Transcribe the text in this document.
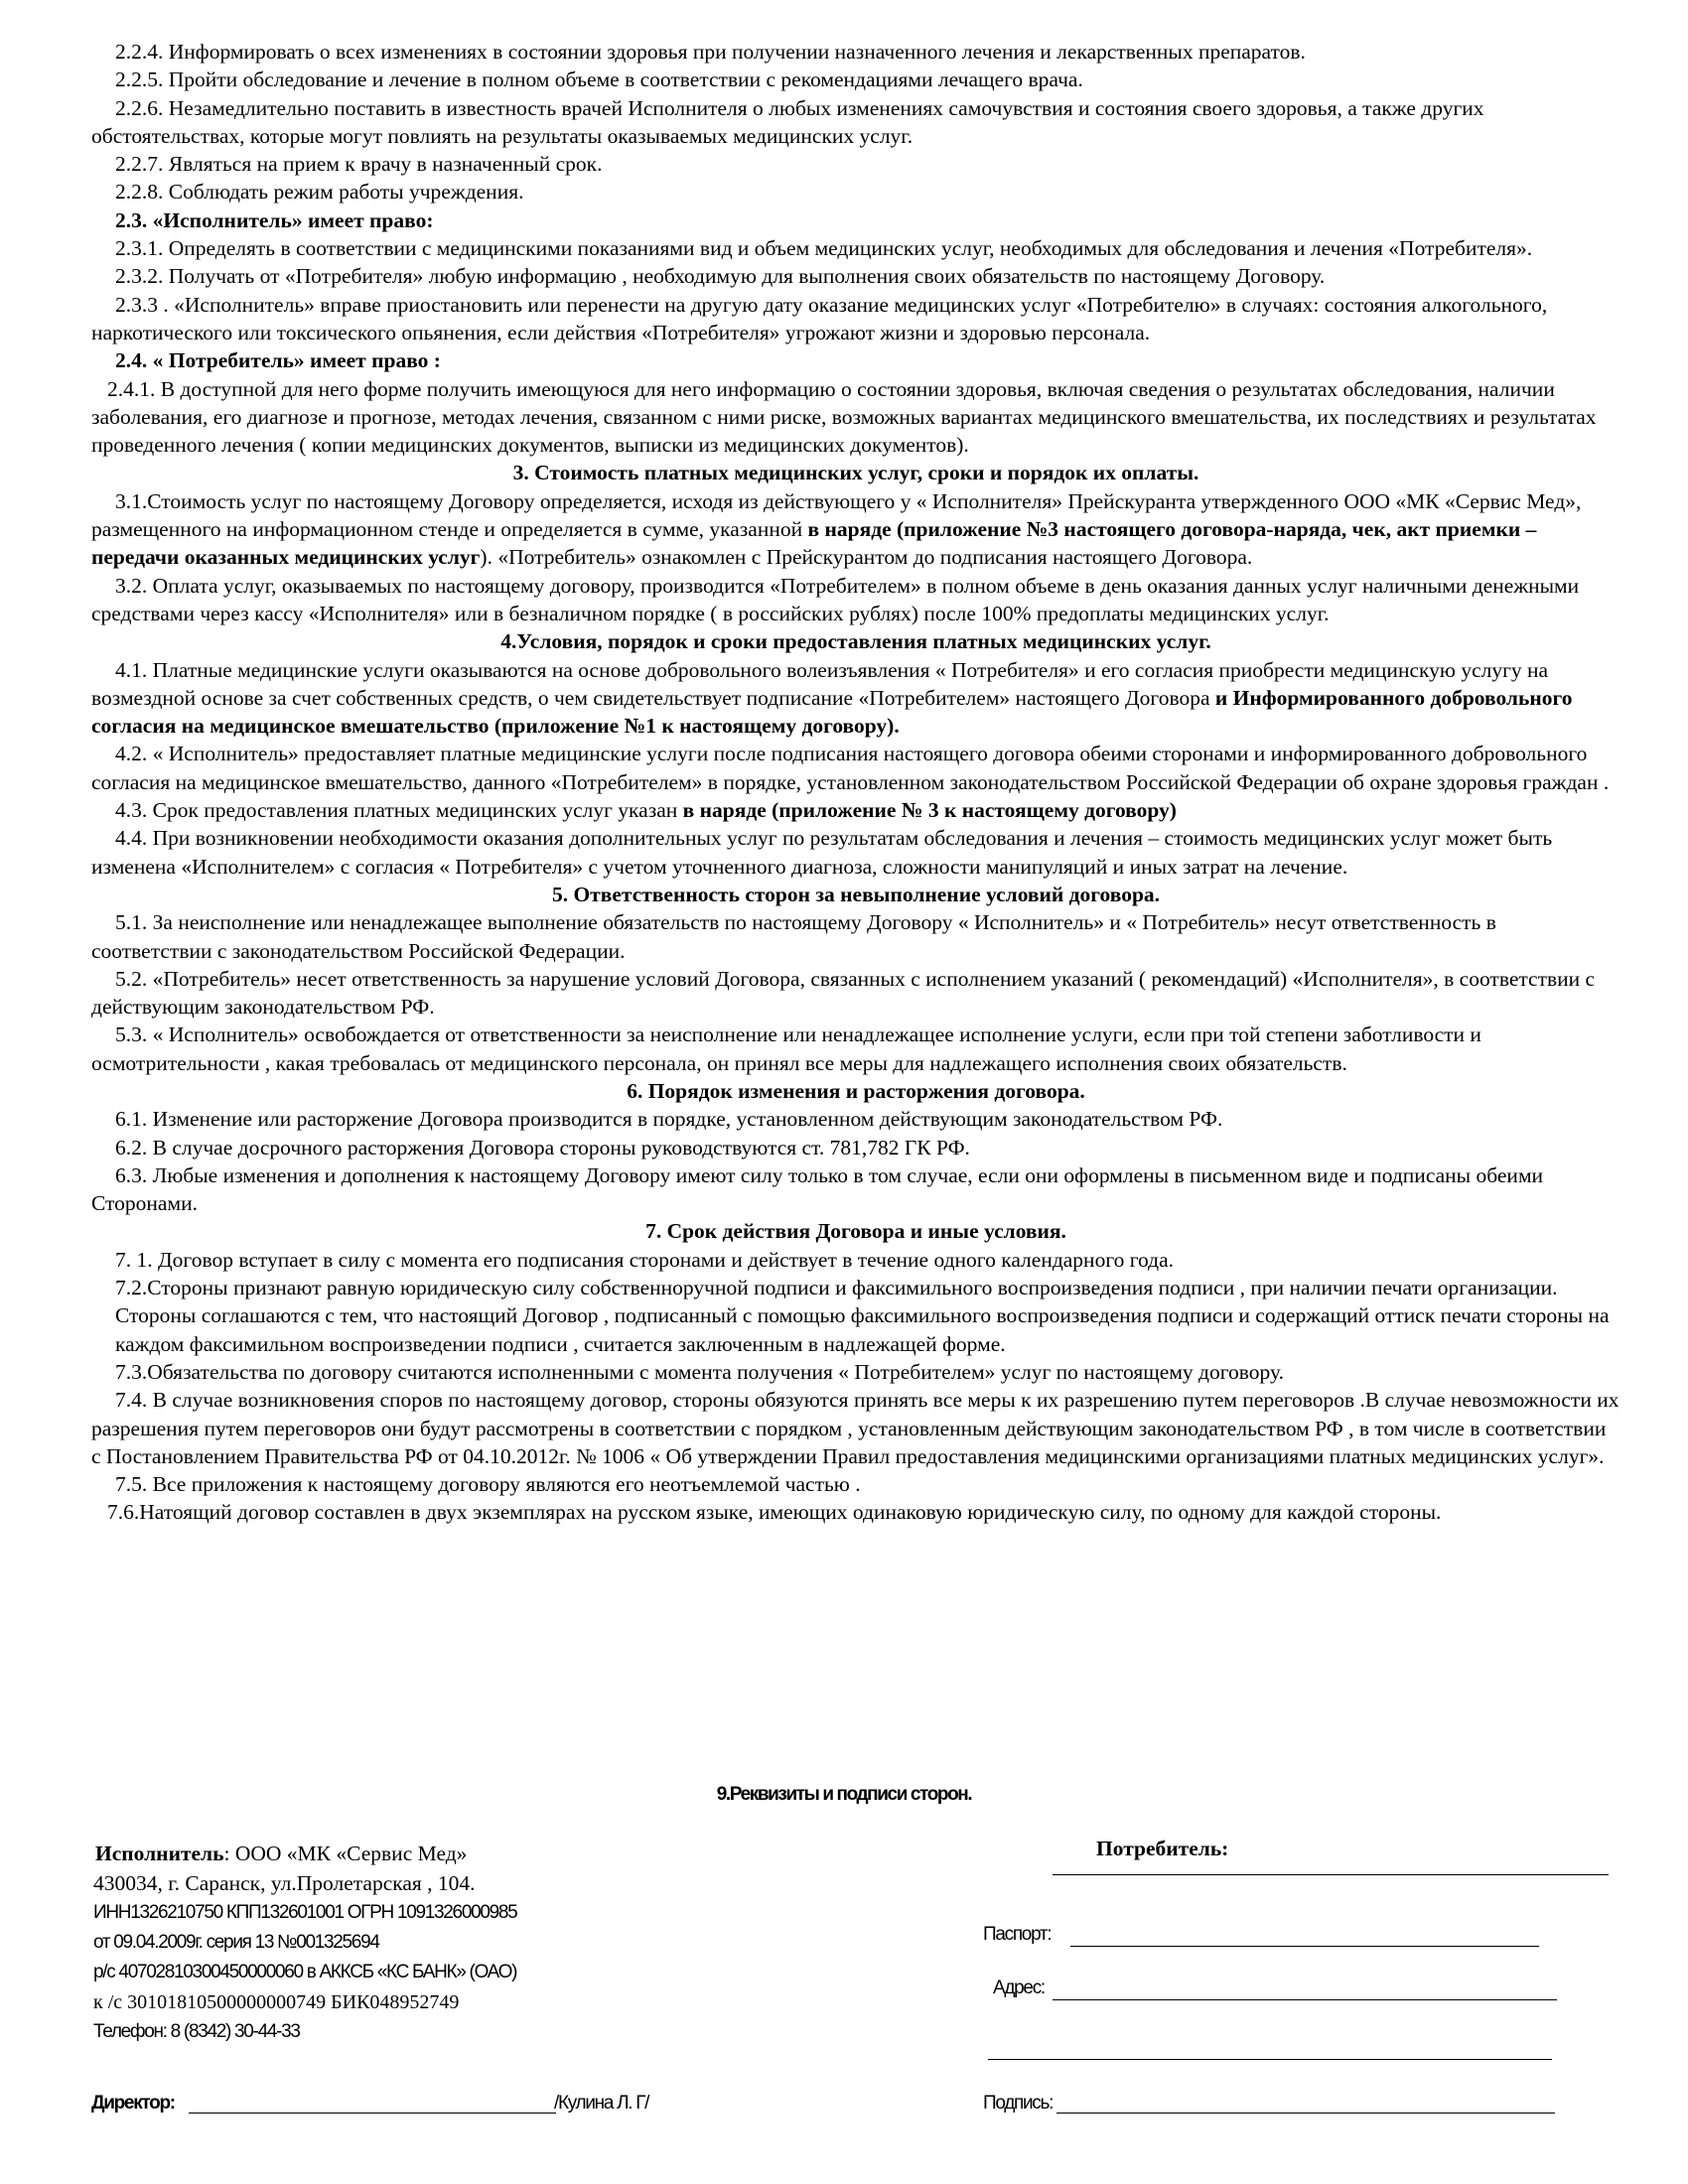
2.2.4. Информировать о всех изменениях в состоянии здоровья при получении назначенного лечения и лекарственных препаратов.

2.2.5. Пройти обследование и лечение в полном объеме в соответствии с рекомендациями лечащего врача.

2.2.6. Незамедлительно поставить в известность врачей Исполнителя о любых изменениях самочувствия и состояния своего здоровья, а также других обстоятельствах, которые могут повлиять на результаты оказываемых медицинских услуг.

2.2.7. Являться на прием к врачу в назначенный срок.

2.2.8. Соблюдать режим работы учреждения.

2.3. «Исполнитель» имеет право:

2.3.1. Определять в соответствии с медицинскими показаниями вид и объем медицинских услуг, необходимых для обследования и лечения «Потребителя».

2.3.2. Получать от «Потребителя» любую информацию , необходимую для выполнения своих обязательств по настоящему Договору.

2.3.3 . «Исполнитель» вправе приостановить или перенести на другую дату оказание медицинских услуг «Потребителю» в случаях: состояния алкогольного, наркотического или токсического опьянения, если действия «Потребителя» угрожают жизни и здоровью персонала.

2.4. « Потребитель» имеет право :

2.4.1. В доступной для него форме получить имеющуюся для него информацию о состоянии здоровья, включая сведения о результатах обследования, наличии заболевания, его диагнозе и прогнозе, методах лечения, связанном с ними риске, возможных вариантах медицинского вмешательства, их последствиях и результатах проведенного лечения ( копии медицинских документов, выписки из медицинских документов).

3. Стоимость платных медицинских услуг, сроки и порядок их оплаты.

3.1.Стоимость услуг по настоящему Договору определяется, исходя из действующего у « Исполнителя» Прейскуранта утвержденного ООО «МК «Сервис Мед», размещенного на информационном стенде и определяется в сумме, указанной в наряде (приложение №3 настоящего договора-наряда, чек, акт приемки – передачи оказанных медицинских услуг). «Потребитель» ознакомлен с Прейскурантом до подписания настоящего Договора.

3.2. Оплата услуг, оказываемых по настоящему договору, производится «Потребителем» в полном объеме в день оказания данных услуг наличными денежными средствами через кассу «Исполнителя» или в безналичном порядке ( в российских рублях) после 100% предоплаты медицинских услуг.

4.Условия, порядок и сроки предоставления платных медицинских услуг.

4.1. Платные медицинские услуги оказываются на основе добровольного волеизъявления « Потребителя» и его согласия приобрести медицинскую услугу на возмездной основе за счет собственных средств, о чем свидетельствует подписание «Потребителем» настоящего Договора и Информированного добровольного согласия на медицинское вмешательство (приложение №1 к настоящему договору).

4.2. « Исполнитель» предоставляет платные медицинские услуги после подписания настоящего договора обеими сторонами и информированного добровольного согласия на медицинское вмешательство, данного «Потребителем» в порядке, установленном законодательством Российской Федерации об охране здоровья граждан .

4.3. Срок предоставления платных медицинских услуг указан в наряде (приложение № 3 к настоящему договору)

4.4. При возникновении необходимости оказания дополнительных услуг по результатам обследования и лечения – стоимость медицинских услуг может быть изменена «Исполнителем» с согласия « Потребителя» с учетом уточненного диагноза, сложности манипуляций и иных затрат на лечение.

5. Ответственность сторон за невыполнение условий договора.

5.1. За неисполнение или ненадлежащее выполнение обязательств по настоящему Договору « Исполнитель» и « Потребитель» несут ответственность в соответствии с законодательством Российской Федерации.

5.2. «Потребитель» несет ответственность за нарушение условий Договора, связанных с исполнением указаний ( рекомендаций) «Исполнителя», в соответствии с действующим законодательством РФ.

5.3. « Исполнитель» освобождается от ответственности за неисполнение или ненадлежащее исполнение услуги, если при той степени заботливости и осмотрительности , какая требовалась от медицинского персонала, он принял все меры для надлежащего исполнения своих обязательств.

6. Порядок изменения и расторжения договора.

6.1. Изменение или расторжение Договора производится в порядке, установленном действующим законодательством РФ.

6.2. В случае досрочного расторжения Договора стороны руководствуются ст. 781,782 ГК РФ.

6.3. Любые изменения и дополнения к настоящему Договору имеют силу только в том случае, если они оформлены в письменном виде и подписаны обеими Сторонами.

7. Срок действия Договора и иные условия.

7. 1. Договор вступает в силу с момента его подписания сторонами и действует в течение одного календарного года.

7.2.Стороны признают равную юридическую силу собственноручной подписи и факсимильного воспроизведения подписи , при наличии печати организации. Стороны соглашаются с тем, что настоящий Договор , подписанный с помощью факсимильного воспроизведения подписи и содержащий оттиск печати стороны на каждом факсимильном воспроизведении подписи , считается заключенным в надлежащей форме.

7.3.Обязательства по договору считаются исполненными с момента получения « Потребителем» услуг по настоящему договору.

7.4. В случае возникновения споров по настоящему договор, стороны обязуются принять все меры к их разрешению путем переговоров .В случае невозможности их разрешения путем переговоров они будут рассмотрены в соответствии с порядком , установленным действующим законодательством РФ , в том числе в соответствии с Постановлением Правительства РФ от 04.10.2012г. № 1006 « Об утверждении Правил предоставления медицинскими организациями платных медицинских услуг».

7.5. Все приложения к настоящему договору являются его неотъемлемой частью .

7.6.Натоящий договор составлен в двух экземплярах на русском языке, имеющих одинаковую юридическую силу, по одному для каждой стороны.

9.Реквизиты и подписи сторон.
Исполнитель: ООО «МК «Сервис Мед»
430034, г. Саранск, ул.Пролетарская , 104.
ИНН1326210750 КПП132601001 ОГРН 1091326000985
от 09.04.2009г. серия 13 №001325694
р/с 40702810300450000060 в АККСБ «КС БАНК» (ОАО)
к /с 30101810500000000749 БИК048952749
Телефон: 8 (8342) 30-44-33
Потребитель:
Паспорт:
Адрес:
Директор:	/Кулина Л. Г/	Подпись:
